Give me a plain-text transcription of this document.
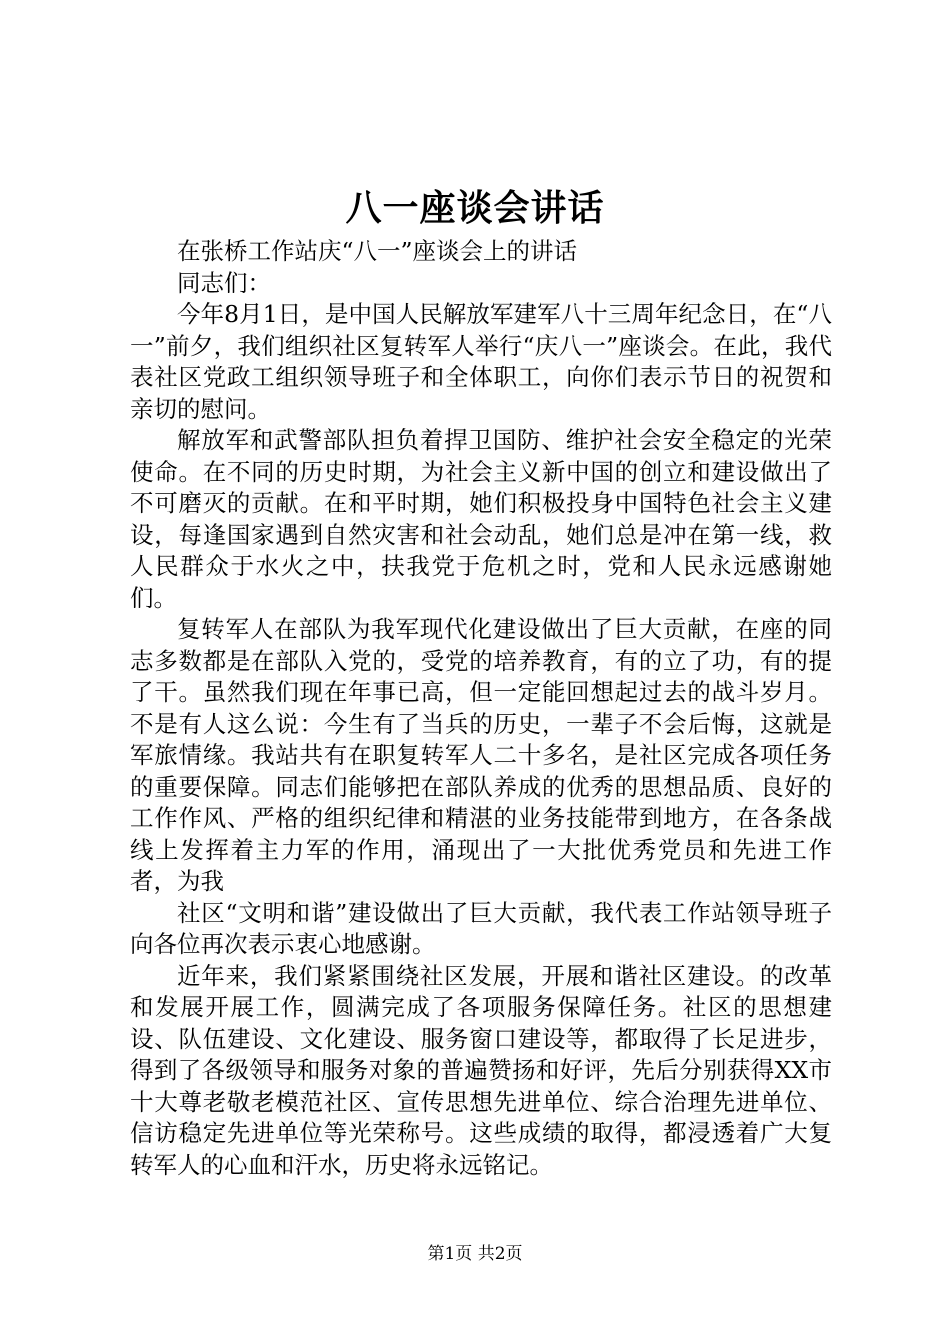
八一座谈会讲话

在张桥工作站庆“八一”座谈会上的讲话

同志们：

今年8月1日，是中国人民解放军建军八十三周年纪念日，在“八一”前夕，我们组织社区复转军人举行“庆八一”座谈会。在此，我代表社区党政工组织领导班子和全体职工，向你们表示节日的祝贺和亲切的慰问。

解放军和武警部队担负着捍卫国防、维护社会安全稳定的光荣使命。在不同的历史时期，为社会主义新中国的创立和建设做出了不可磨灭的贡献。在和平时期，她们积极投身中国特色社会主义建设，每逢国家遇到自然灾害和社会动乱，她们总是冲在第一线，救人民群众于水火之中，扶我党于危机之时，党和人民永远感谢她们。

复转军人在部队为我军现代化建设做出了巨大贡献，在座的同志多数都是在部队入党的，受党的培养教育，有的立了功，有的提了干。虽然我们现在年事已高，但一定能回想起过去的战斗岁月。不是有人这么说：今生有了当兵的历史，一辈子不会后悔，这就是军旅情缘。我站共有在职复转军人二十多名，是社区完成各项任务的重要保障。同志们能够把在部队养成的优秀的思想品质、良好的工作作风、严格的组织纪律和精湛的业务技能带到地方，在各条战线上发挥着主力军的作用，涌现出了一大批优秀党员和先进工作者，为我

社区“文明和谐”建设做出了巨大贡献，我代表工作站领导班子向各位再次表示衷心地感谢。

近年来，我们紧紧围绕社区发展，开展和谐社区建设。的改革和发展开展工作，圆满完成了各项服务保障任务。社区的思想建设、队伍建设、文化建设、服务窗口建设等，都取得了长足进步，得到了各级领导和服务对象的普遍赞扬和好评，先后分别获得XX市十大尊老敬老模范社区、宣传思想先进单位、综合治理先进单位、信访稳定先进单位等光荣称号。这些成绩的取得，都浸透着广大复转军人的心血和汗水，历史将永远铭记。

第1页 共2页
